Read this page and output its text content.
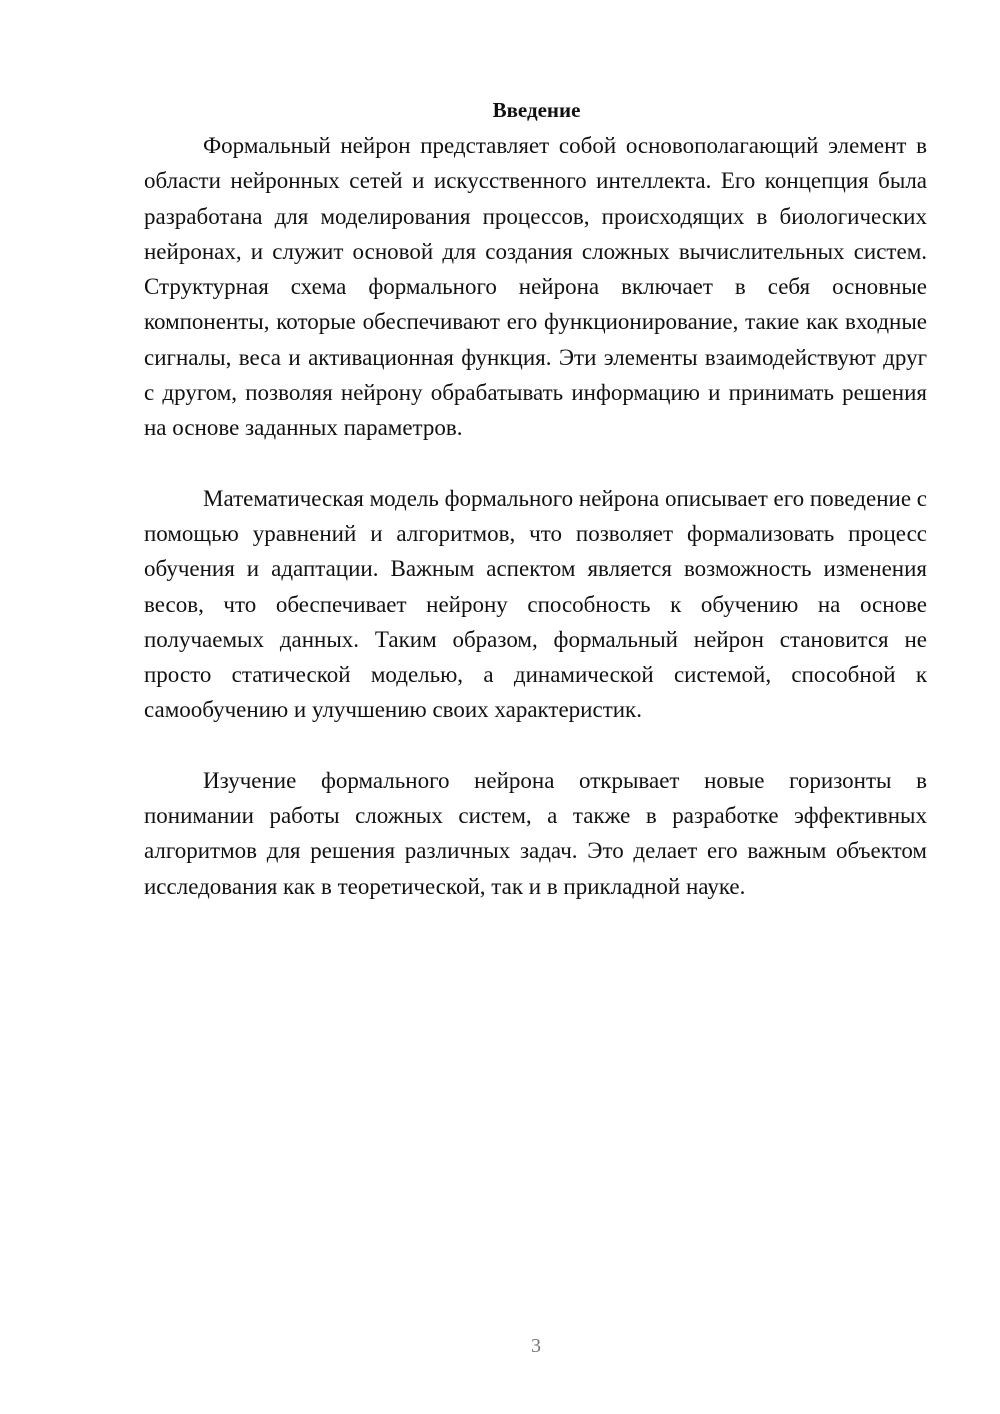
Введение

Формальный нейрон представляет собой основополагающий элемент в области нейронных сетей и искусственного интеллекта. Его концепция была разработана для моделирования процессов, происходящих в биологических нейронах, и служит основой для создания сложных вычислительных систем. Структурная схема формального нейрона включает в себя основные компоненты, которые обеспечивают его функционирование, такие как входные сигналы, веса и активационная функция. Эти элементы взаимодействуют друг с другом, позволяя нейрону обрабатывать информацию и принимать решения на основе заданных параметров.

Математическая модель формального нейрона описывает его поведение с помощью уравнений и алгоритмов, что позволяет формализовать процесс обучения и адаптации. Важным аспектом является возможность изменения весов, что обеспечивает нейрону способность к обучению на основе получаемых данных. Таким образом, формальный нейрон становится не просто статической моделью, а динамической системой, способной к самообучению и улучшению своих характеристик.

Изучение формального нейрона открывает новые горизонты в понимании работы сложных систем, а также в разработке эффективных алгоритмов для решения различных задач. Это делает его важным объектом исследования как в теоретической, так и в прикладной науке.

3
